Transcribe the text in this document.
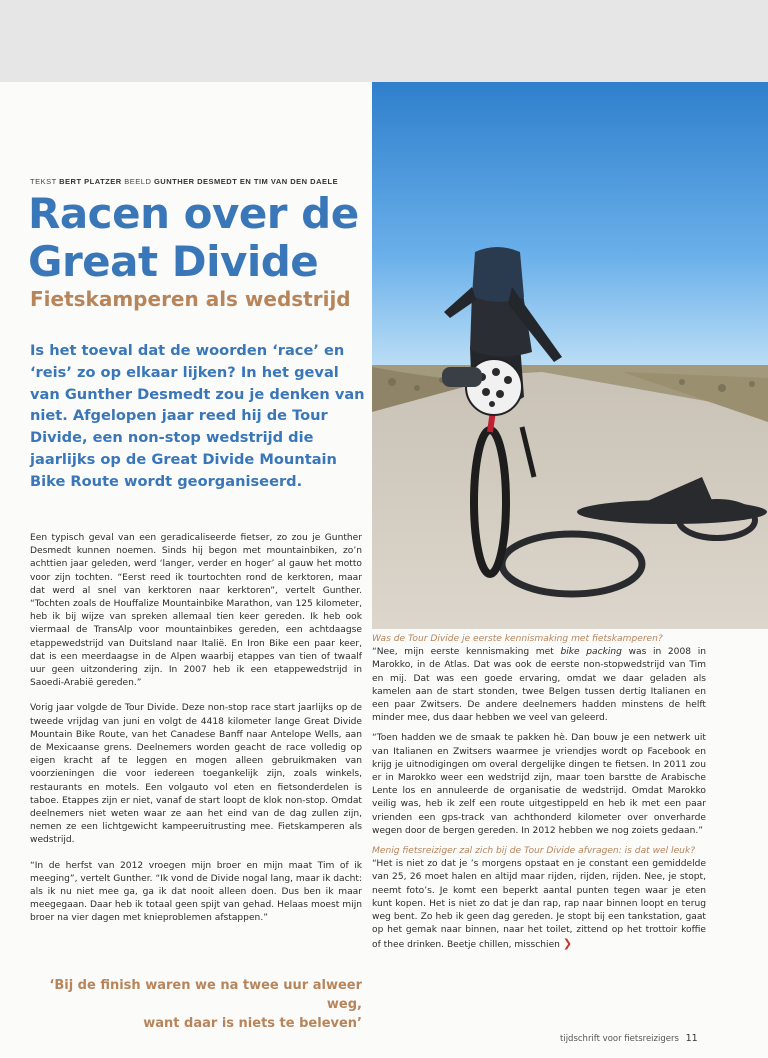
TEKST BERT PLATZER BEELD GUNTHER DESMEDT EN TIM VAN DEN DAELE
Racen over de
Great Divide
Fietskamperen als wedstrijd

Is het toeval dat de woorden ‘race’ en ‘reis’ zo op elkaar lijken? In het geval van Gunther Desmedt zou je denken van niet. Afgelopen jaar reed hij de Tour Divide, een non-stop wedstrijd die jaarlijks op de Great Divide Mountain Bike Route wordt georganiseerd.

Een typisch geval van een geradicaliseerde fietser, zo zou je Gunther Desmedt kunnen noemen. Sinds hij begon met mountainbiken, zo’n achttien jaar geleden, werd ‘langer, verder en hoger’ al gauw het motto voor zijn tochten. “Eerst reed ik tourtochten rond de kerktoren, maar dat werd al snel van kerktoren naar kerktoren”, vertelt Gunther. “Tochten zoals de Houffalize Mountainbike Marathon, van 125 kilometer, heb ik bij wijze van spreken allemaal tien keer gereden. Ik heb ook viermaal de TransAlp voor mountainbikes gereden, een achtdaagse etappewedstrijd van Duitsland naar Italië. En Iron Bike een paar keer, dat is een meerdaagse in de Alpen waarbij etappes van tien of twaalf uur geen uitzondering zijn. In 2007 heb ik een etappewedstrijd in Saoedi-Arabië gereden.”

Vorig jaar volgde de Tour Divide. Deze non-stop race start jaarlijks op de tweede vrijdag van juni en volgt de 4418 kilometer lange Great Divide Mountain Bike Route, van het Canadese Banff naar Antelope Wells, aan de Mexicaanse grens. Deelnemers worden geacht de race volledig op eigen kracht af te leggen en mogen alleen gebruikmaken van voorzieningen die voor iedereen toegankelijk zijn, zoals winkels, restaurants en motels. Een volgauto vol eten en fietsonderdelen is taboe. Etappes zijn er niet, vanaf de start loopt de klok non-stop. Omdat deelnemers niet weten waar ze aan het eind van de dag zullen zijn, nemen ze een lichtgewicht kampeeruitrusting mee. Fietskamperen als wedstrijd.

“In de herfst van 2012 vroegen mijn broer en mijn maat Tim of ik meeging”, vertelt Gunther. “Ik vond de Divide nogal lang, maar ik dacht: als ik nu niet mee ga, ga ik dat nooit alleen doen. Dus ben ik maar meegegaan. Daar heb ik totaal geen spijt van gehad. Helaas moest mijn broer na vier dagen met knieproblemen afstappen.”

‘Bij de finish waren we na twee uur alweer weg,
want daar is niets te beleven’
Was de Tour Divide je eerste kennismaking met fietskamperen?

“Nee, mijn eerste kennismaking met bike packing was in 2008 in Marokko, in de Atlas. Dat was ook de eerste non-stopwedstrijd van Tim en mij. Dat was een goede ervaring, omdat we daar geladen als kamelen aan de start stonden, twee Belgen tussen dertig Italianen en een paar Zwitsers. De andere deelnemers hadden minstens de helft minder mee, dus daar hebben we veel van geleerd.

“Toen hadden we de smaak te pakken hè. Dan bouw je een netwerk uit van Italianen en Zwitsers waarmee je vriendjes wordt op Facebook en krijg je uitnodigingen om overal dergelijke dingen te fietsen. In 2011 zou er in Marokko weer een wedstrijd zijn, maar toen barstte de Arabische Lente los en annuleerde de organisatie de wedstrijd. Omdat Marokko veilig was, heb ik zelf een route uitgestippeld en heb ik met een paar vrienden een gps-track van achthonderd kilometer over onverharde wegen door de bergen gereden. In 2012 hebben we nog zoiets gedaan.”

Menig fietsreiziger zal zich bij de Tour Divide afvragen: is dat wel leuk?

“Het is niet zo dat je ’s morgens opstaat en je constant een gemiddelde van 25, 26 moet halen en altijd maar rijden, rijden, rijden. Nee, je stopt, neemt foto’s. Je komt een beperkt aantal punten tegen waar je eten kunt kopen. Het is niet zo dat je dan rap, rap naar binnen loopt en terug weg bent. Zo heb ik geen dag gereden. Je stopt bij een tankstation, gaat op het gemak naar binnen, naar het toilet, zittend op het trottoir koffie of thee drinken. Beetje chillen, misschien ❯

tijdschrift voor fietsreizigers 11
